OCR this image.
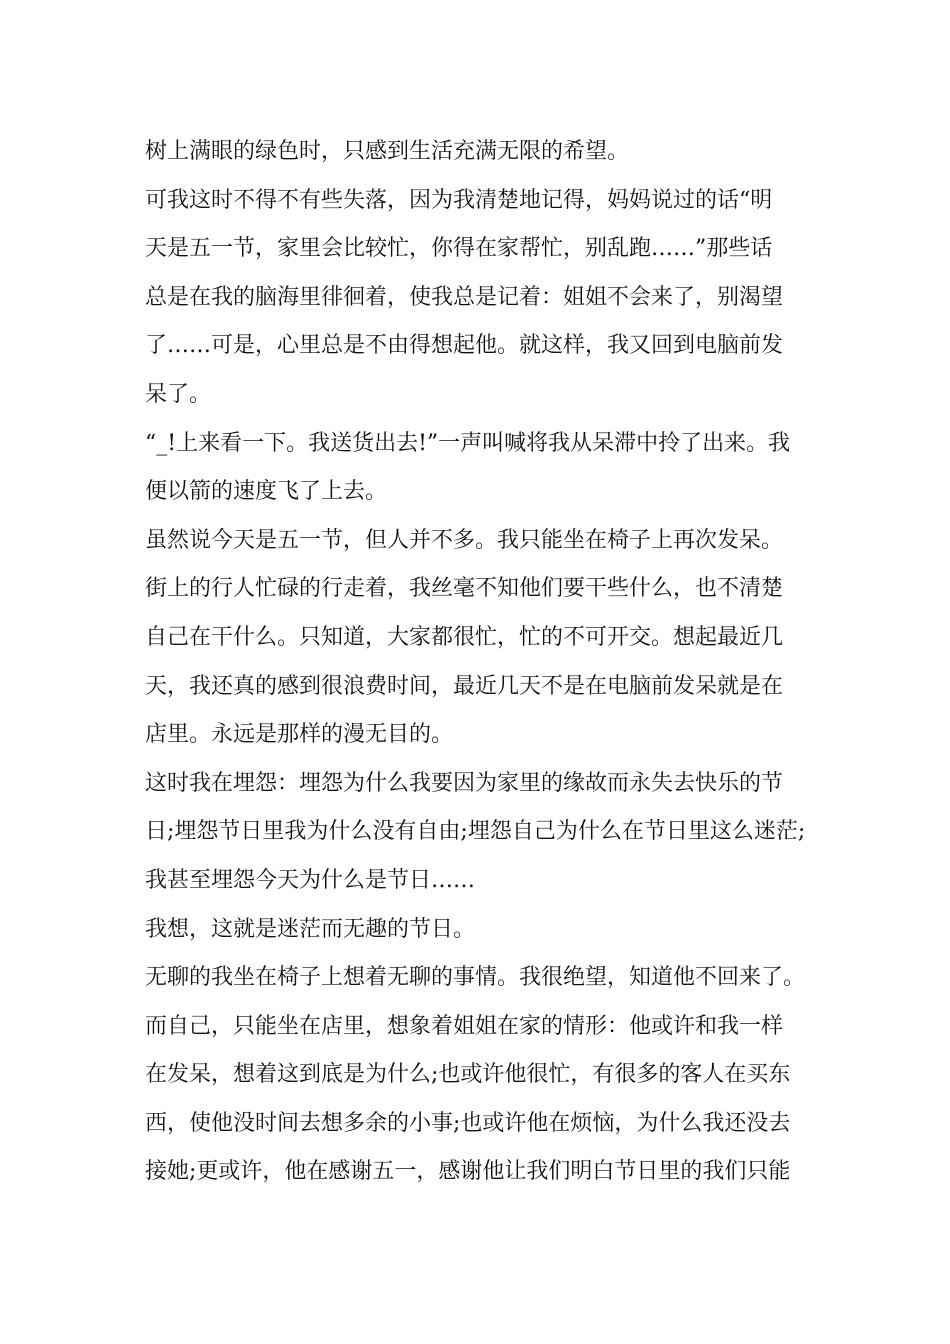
树上满眼的绿色时，只感到生活充满无限的希望。
可我这时不得不有些失落，因为我清楚地记得，妈妈说过的话“明
天是五一节，家里会比较忙，你得在家帮忙，别乱跑……”那些话
总是在我的脑海里徘徊着，使我总是记着：姐姐不会来了，别渴望
了……可是，心里总是不由得想起他。就这样，我又回到电脑前发
呆了。
“_!上来看一下。我送货出去!”一声叫喊将我从呆滞中拎了出来。我
便以箭的速度飞了上去。
虽然说今天是五一节，但人并不多。我只能坐在椅子上再次发呆。
街上的行人忙碌的行走着，我丝毫不知他们要干些什么，也不清楚
自己在干什么。只知道，大家都很忙，忙的不可开交。想起最近几
天，我还真的感到很浪费时间，最近几天不是在电脑前发呆就是在
店里。永远是那样的漫无目的。
这时我在埋怨：埋怨为什么我要因为家里的缘故而永失去快乐的节
日;埋怨节日里我为什么没有自由;埋怨自己为什么在节日里这么迷茫;
我甚至埋怨今天为什么是节日……
我想，这就是迷茫而无趣的节日。
无聊的我坐在椅子上想着无聊的事情。我很绝望，知道他不回来了。
而自己，只能坐在店里，想象着姐姐在家的情形：他或许和我一样
在发呆，想着这到底是为什么;也或许他很忙，有很多的客人在买东
西，使他没时间去想多余的小事;也或许他在烦恼，为什么我还没去
接她;更或许，他在感谢五一，感谢他让我们明白节日里的我们只能
